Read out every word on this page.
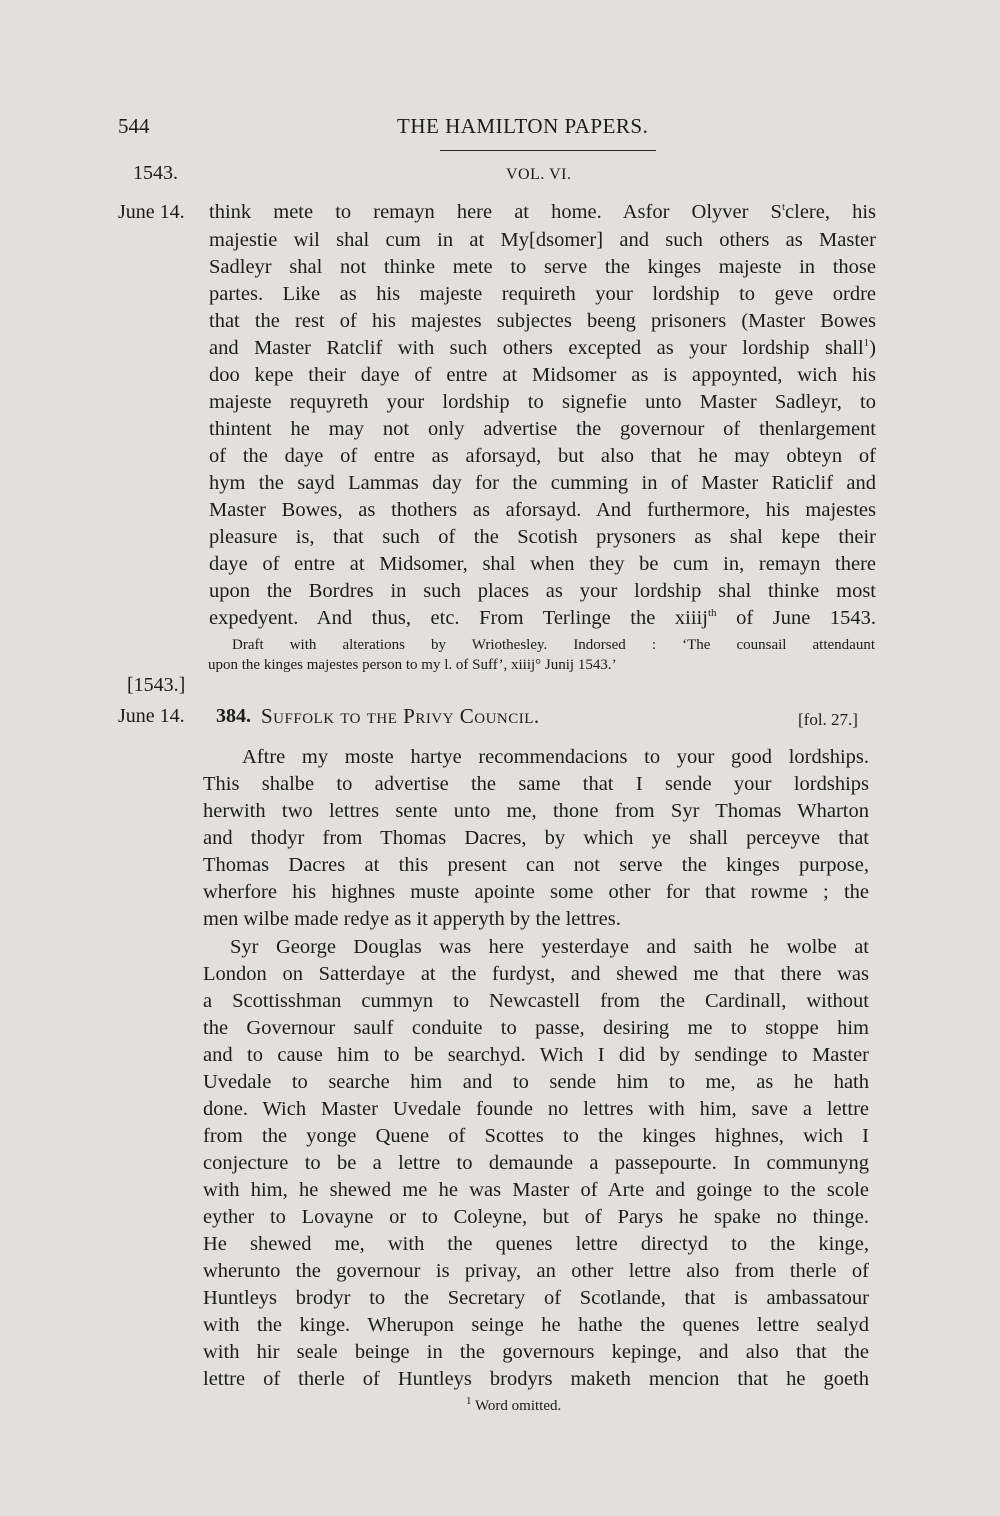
544	THE HAMILTON PAPERS.
1543.	VOL. VI.
June 14. think mete to remayn here at home. Asfor Olyver $S^tclere$, his
majestie wil shal cum in at My[dsomer] and such others as Master
Sadleyr shal not thinke mete to serve the kinges majeste in those
partes. Like as his majeste requireth your lordship to geve ordre
that the rest of his majestes subjectes beeng prisoners (Master Bowes
and Master Ratclif with such others excepted as your lordship shall$^1$)
doo kepe their daye of entre at Midsomer as is appoynted, wich his
majeste requyreth your lordship to signefie unto Master Sadleyr, to
thintent he may not only advertise the governour of thenlargement
of the daye of entre as aforsayd, but also that he may obteyn of
hym the sayd Lammas day for the cumming in of Master Raticlif and
Master Bowes, as thothers as aforsayd. And furthermore, his majestes
pleasure is, that such of the Scotish prysoners as shal kepe their
daye of entre at Midsomer, shal when they be cum in, remayn there
upon the Bordres in such places as your lordship shal thinke most
expedyent. And thus, etc. From Terlinge the xiiij$^{th}$ of June 1543.
Draft with alterations by Wriothesley. Indorsed : ‘The counsail attendaunt
upon the kinges majestes person to my l. of Suff’, xiiij° Junij 1543.’
[1543.]
June 14. 384. Suffolk to the Privy Council.	[fol. 27.]
Aftre my moste hartye recommendacions to your good lordships.
This shalbe to advertise the same that I sende your lordships
herwith two lettres sente unto me, thone from Syr Thomas Wharton
and thodyr from Thomas Dacres, by which ye shall perceyve that
Thomas Dacres at this present can not serve the kinges purpose,
wherfore his highnes muste apointe some other for that rowme ; the
men wilbe made redye as it apperyth by the lettres.
Syr George Douglas was here yesterdaye and saith he wolbe at
London on Satterdaye at the furdyst, and shewed me that there was
a Scottisshman cummyn to Newcastell from the Cardinall, without
the Governour saulf conduite to passe, desiring me to stoppe him
and to cause him to be searchyd. Wich I did by sendinge to Master
Uvedale to searche him and to sende him to me, as he hath
done. Wich Master Uvedale founde no lettres with him, save a lettre
from the yonge Quene of Scottes to the kinges highnes, wich I
conjecture to be a lettre to demaunde a passepourte. In communyng
with him, he shewed me he was Master of Arte and goinge to the scole
eyther to Lovayne or to Coleyne, but of Parys he spake no thinge.
He shewed me, with the quenes lettre directyd to the kinge,
wherunto the governour is privay, an other lettre also from therle of
Huntleys brodyr to the Secretary of Scotlande, that is ambassatour
with the kinge. Wherupon seinge he hathe the quenes lettre sealyd
with hir seale beinge in the governours kepinge, and also that the
lettre of therle of Huntleys brodyrs maketh mencion that he goeth
$^1$ Word omitted.
